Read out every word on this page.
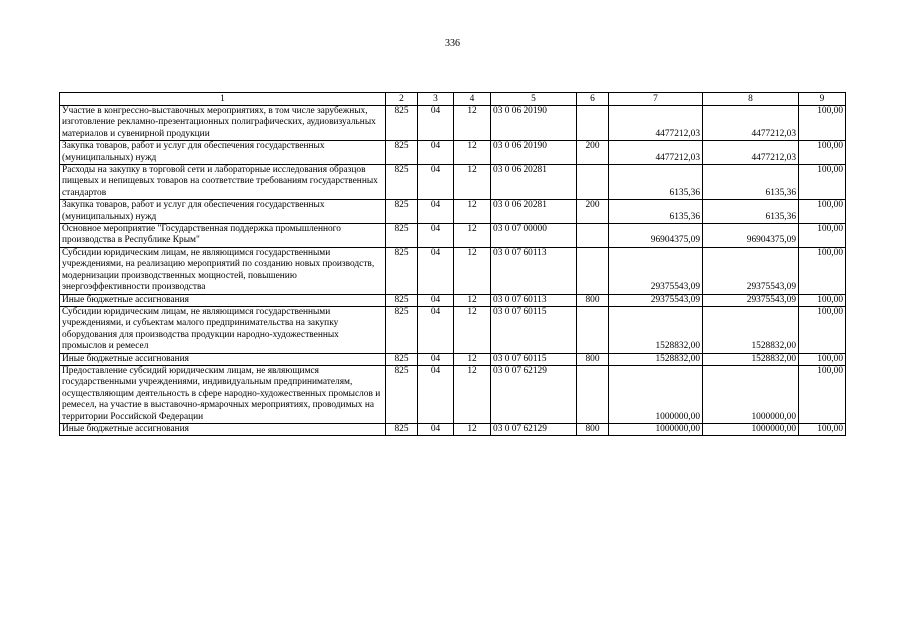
336
1	2	3	4	5	6	7	8	9
Участие в конгрессно-выставочных мероприятиях, в том числе зарубежных, изготовление рекламно-презентационных полиграфических, аудиовизуальных материалов и сувенирной продукции	825	04	12	03 0 06 20190		4477212,03	4477212,03	100,00
Закупка товаров, работ и услуг для обеспечения государственных (муниципальных) нужд	825	04	12	03 0 06 20190	200	4477212,03	4477212,03	100,00
Расходы на закупку в торговой сети и лабораторные исследования образцов пищевых и непищевых товаров на соответствие требованиям государственных стандартов	825	04	12	03 0 06 20281		6135,36	6135,36	100,00
Закупка товаров, работ и услуг для обеспечения государственных (муниципальных) нужд	825	04	12	03 0 06 20281	200	6135,36	6135,36	100,00
Основное мероприятие "Государственная поддержка промышленного производства в Республике Крым"	825	04	12	03 0 07 00000		96904375,09	96904375,09	100,00
Субсидии юридическим лицам, не являющимся государственными учреждениями, на реализацию мероприятий по созданию новых производств, модернизации производственных мощностей, повышению энергоэффективности производства	825	04	12	03 0 07 60113		29375543,09	29375543,09	100,00
Иные бюджетные ассигнования	825	04	12	03 0 07 60113	800	29375543,09	29375543,09	100,00
Субсидии юридическим лицам, не являющимся государственными учреждениями, и субъектам малого предпринимательства на закупку оборудования для производства продукции народно-художественных промыслов и ремесел	825	04	12	03 0 07 60115		1528832,00	1528832,00	100,00
Иные бюджетные ассигнования	825	04	12	03 0 07 60115	800	1528832,00	1528832,00	100,00
Предоставление субсидий юридическим лицам, не являющимся государственными учреждениями, индивидуальным предпринимателям, осуществляющим деятельность в сфере народно-художественных промыслов и ремесел, на участие в выставочно-ярмарочных мероприятиях, проводимых на территории Российской Федерации	825	04	12	03 0 07 62129		1000000,00	1000000,00	100,00
Иные бюджетные ассигнования	825	04	12	03 0 07 62129	800	1000000,00	1000000,00	100,00
